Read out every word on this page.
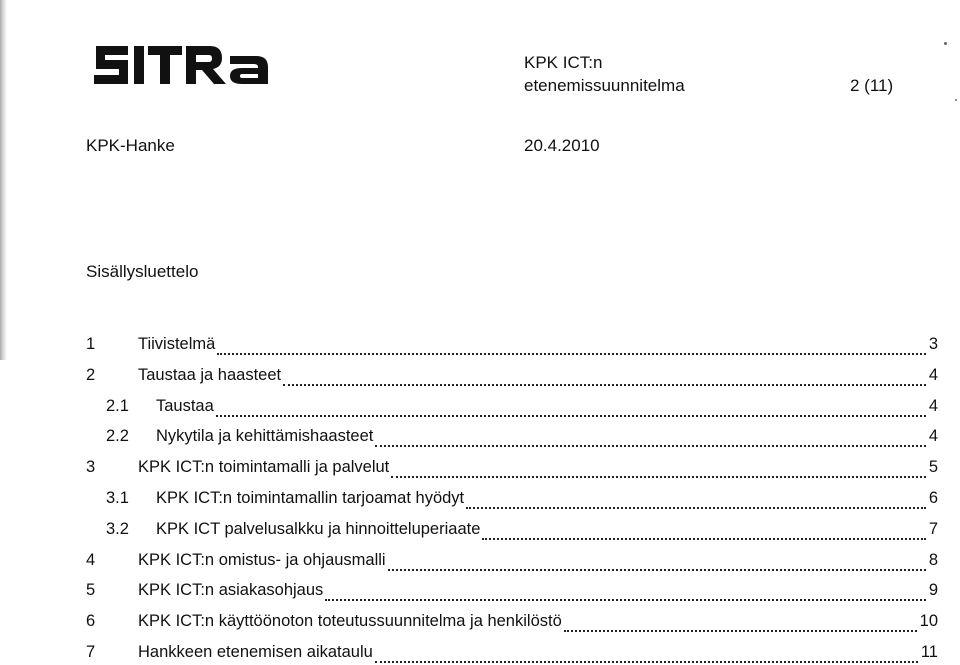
KPK ICT:n
etenemissuunnitelma	2 (11)
KPK-Hanke	20.4.2010
Sisällysluettelo
1	Tiivistelmä	3
2	Taustaa ja haasteet	4
2.1	Taustaa	4
2.2	Nykytila ja kehittämishaasteet	4
3	KPK ICT:n toimintamalli ja palvelut	5
3.1	KPK ICT:n toimintamallin tarjoamat hyödyt	6
3.2	KPK ICT palvelusalkku ja hinnoitteluperiaate	7
4	KPK ICT:n omistus- ja ohjausmalli	8
5	KPK ICT:n asiakasohjaus	9
6	KPK ICT:n käyttöönoton toteutussuunnitelma ja henkilöstö	10
7	Hankkeen etenemisen aikataulu	11
